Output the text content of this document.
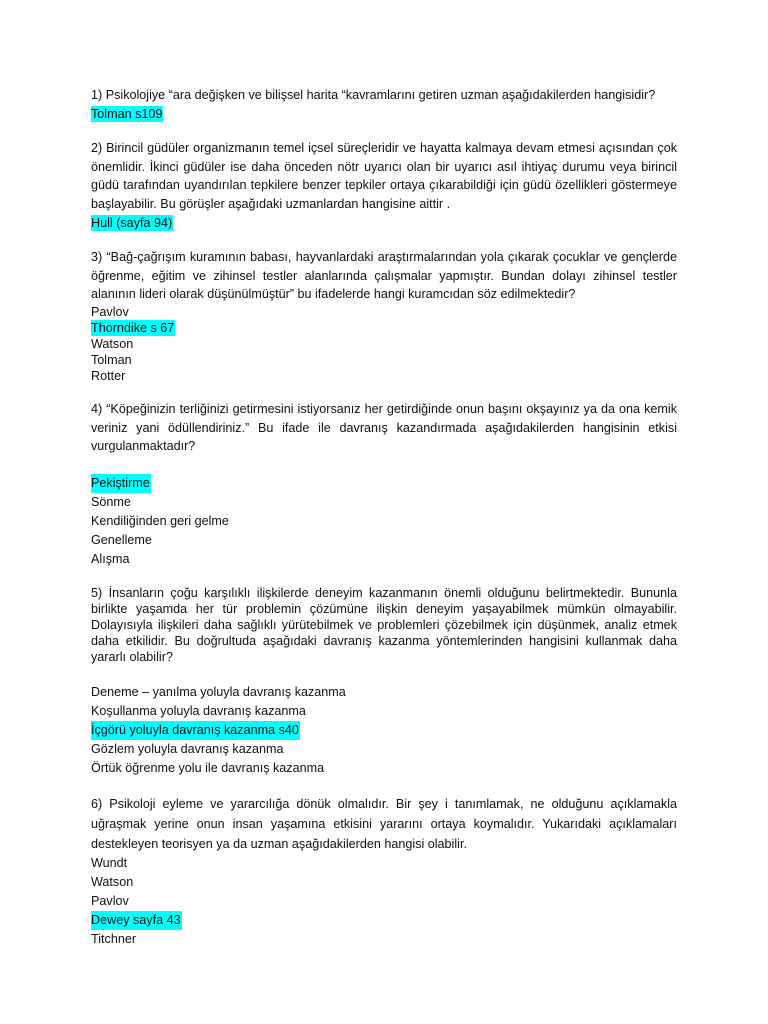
1) Psikolojiye “ara değişken ve bilişsel harita “kavramlarını getiren uzman aşağıdakilerden hangisidir?

Tolman s109

2) Birincil güdüler organizmanın temel içsel süreçleridir ve hayatta kalmaya devam etmesi açısından çok önemlidir. İkinci güdüler ise daha önceden nötr uyarıcı olan bir uyarıcı asıl ihtiyaç durumu veya birincil güdü tarafından uyandırılan tepkilere benzer tepkiler ortaya çıkarabildiği için güdü özellikleri göstermeye başlayabilir. Bu görüşler aşağıdaki uzmanlardan hangisine aittir .

Hull (sayfa 94)

3) “Bağ-çağrışım kuramının babası, hayvanlardaki araştırmalarından yola çıkarak çocuklar ve gençlerde öğrenme, eğitim ve zihinsel testler alanlarında çalışmalar yapmıştır. Bundan dolayı zihinsel testler alanının lideri olarak düşünülmüştür” bu ifadelerde hangi kuramcıdan söz edilmektedir?

Pavlov
Thorndike s 67
Watson
Tolman
Rotter

4) “Köpeğinizin terliğinizi getirmesini istiyorsanız her getirdiğinde onun başını okşayınız ya da ona kemik veriniz yani ödüllendiriniz.” Bu ifade ile davranış kazandırmada aşağıdakilerden hangisinin etkisi vurgulanmaktadır?

Pekiştirme
Sönme
Kendiliğinden geri gelme
Genelleme
Alışma

5) İnsanların çoğu karşılıklı ilişkilerde deneyim kazanmanın önemli olduğunu belirtmektedir. Bununla birlikte yaşamda her tür problemin çözümüne ilişkin deneyim yaşayabilmek mümkün olmayabilir. Dolayısıyla ilişkileri daha sağlıklı yürütebilmek ve problemleri çözebilmek için düşünmek, analiz etmek daha etkilidir. Bu doğrultuda aşağıdaki davranış kazanma yöntemlerinden hangisini kullanmak daha yararlı olabilir?

Deneme – yanılma yoluyla davranış kazanma
Koşullanma yoluyla davranış kazanma
İçgörü yoluyla davranış kazanma s40
Gözlem yoluyla davranış kazanma
Örtük öğrenme yolu ile davranış kazanma

6) Psikoloji eyleme ve yararcılığa dönük olmalıdır. Bir şey i tanımlamak, ne olduğunu açıklamakla uğraşmak yerine onun insan yaşamına etkisini yararını ortaya koymalıdır. Yukarıdaki açıklamaları destekleyen teorisyen ya da uzman aşağıdakilerden hangisi olabilir.

Wundt
Watson
Pavlov
Dewey sayfa 43
Titchner
